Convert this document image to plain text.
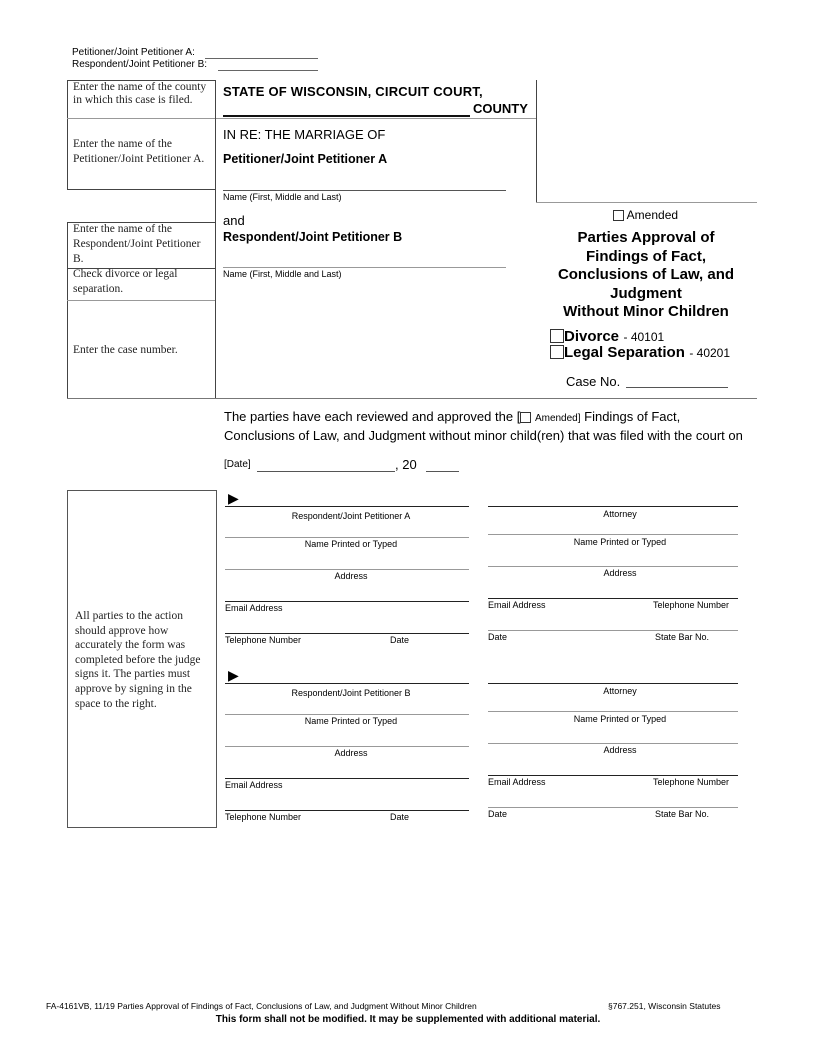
Petitioner/Joint Petitioner A:
Respondent/Joint Petitioner B:
Enter the name of the county in which this case is filed.
Enter the name of the Petitioner/Joint Petitioner A.
Enter the name of the Respondent/Joint Petitioner B.
Check divorce or legal separation.
Enter the case number.
STATE OF WISCONSIN, CIRCUIT COURT,
COUNTY
IN RE: THE MARRIAGE OF
Petitioner/Joint Petitioner A
Name (First, Middle and Last)
and
Respondent/Joint Petitioner B
Name (First, Middle and Last)
Amended
Parties Approval of
Findings of Fact,
Conclusions of Law, and
Judgment
Without Minor Children
Divorce - 40101
Legal Separation - 40201
Case No.
The parties have each reviewed and approved the [ Amended] Findings of Fact, Conclusions of Law, and Judgment without minor child(ren) that was filed with the court on
[Date]	, 20
All parties to the action should approve how accurately the form was completed before the judge signs it. The parties must approve by signing in the space to the right.
▶
Respondent/Joint Petitioner A
Name Printed or Typed
Address
Email Address
Telephone Number	Date
Attorney
Name Printed or Typed
Address
Email Address	Telephone Number
Date	State Bar No.
▶
Respondent/Joint Petitioner B
Name Printed or Typed
Address
Email Address
Telephone Number	Date
Attorney
Name Printed or Typed
Address
Email Address	Telephone Number
Date	State Bar No.
FA-4161VB, 11/19 Parties Approval of Findings of Fact, Conclusions of Law, and Judgment Without Minor Children	§767.251, Wisconsin Statutes
This form shall not be modified. It may be supplemented with additional material.
